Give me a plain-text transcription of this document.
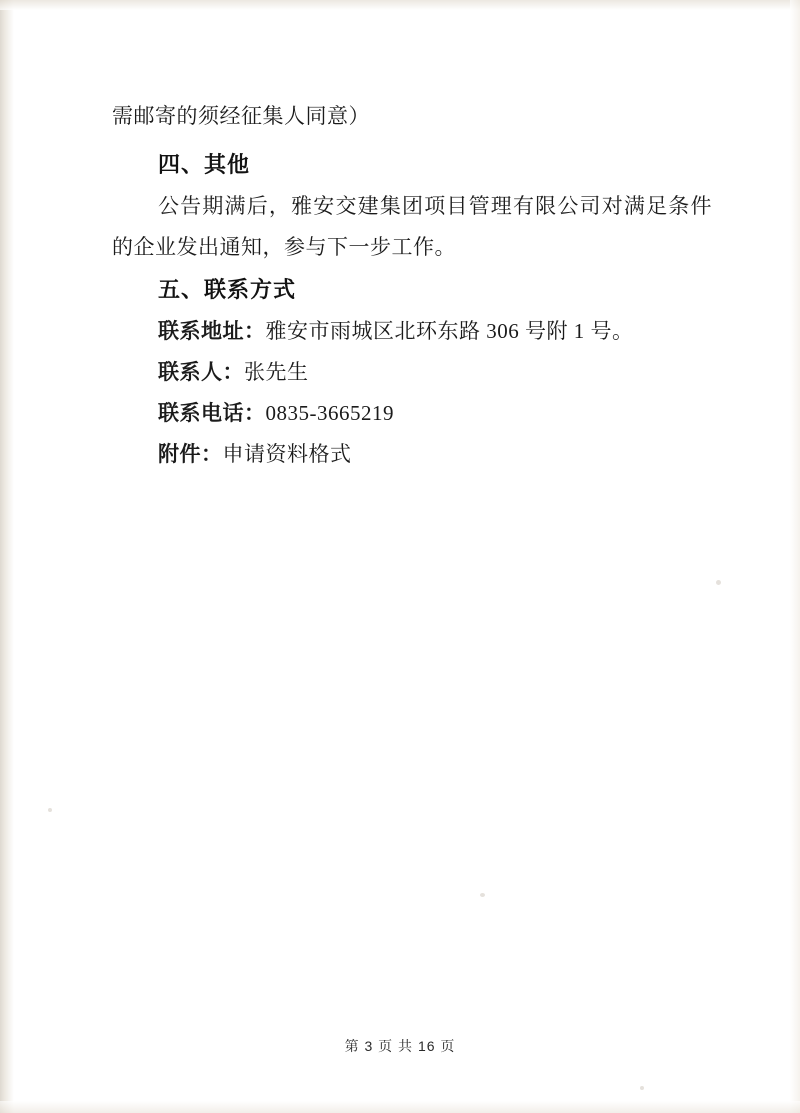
需邮寄的须经征集人同意）
四、其他
公告期满后，雅安交建集团项目管理有限公司对满足条件的企业发出通知，参与下一步工作。
五、联系方式
联系地址：雅安市雨城区北环东路 306 号附 1 号。
联系人：张先生
联系电话：0835-3665219
附件：申请资料格式
第 3 页 共 16 页
